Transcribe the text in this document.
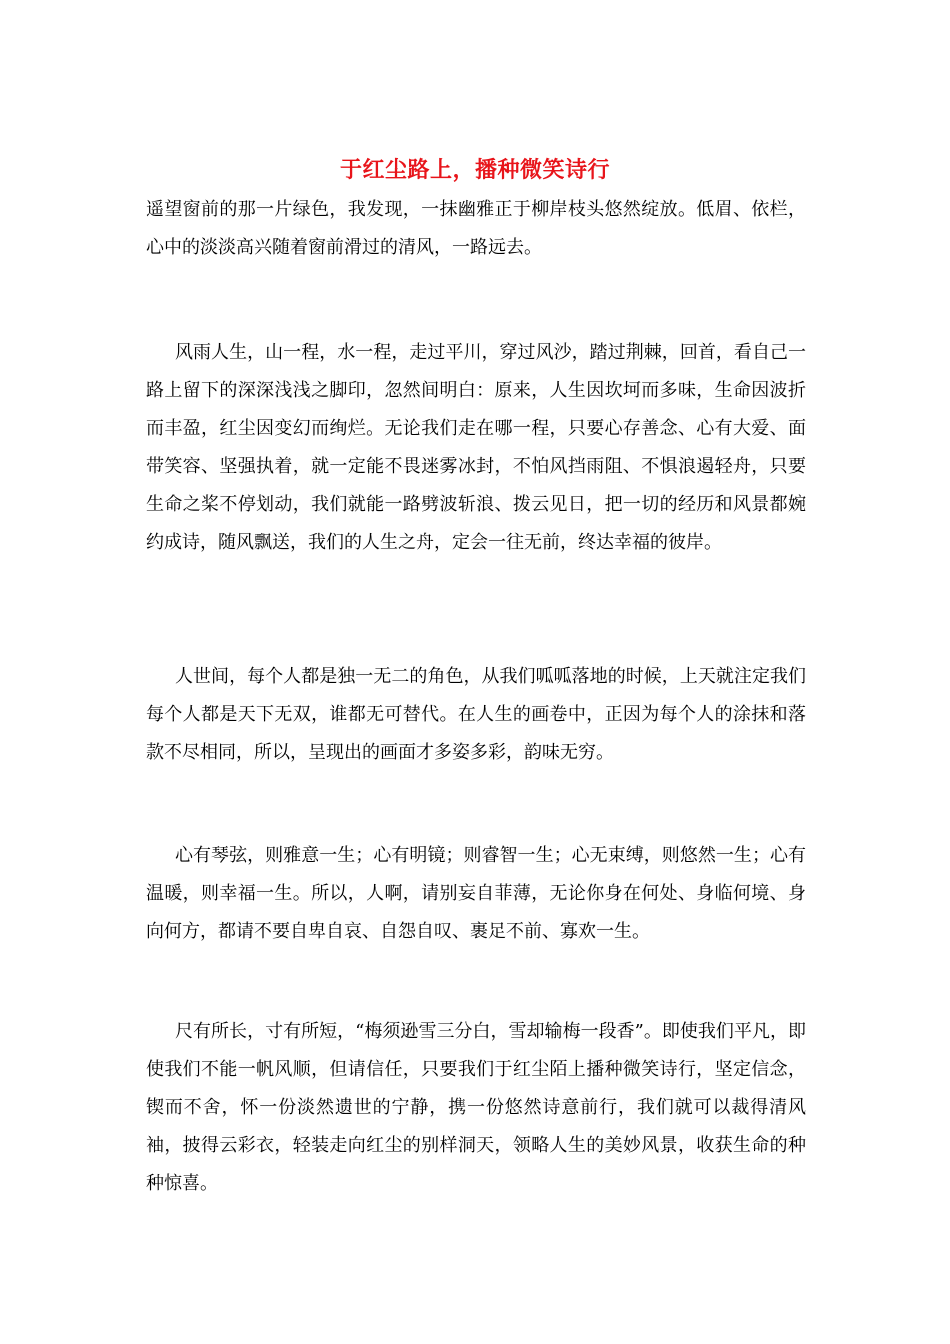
于红尘路上，播种微笑诗行

遥望窗前的那一片绿色，我发现，一抹幽雅正于柳岸枝头悠然绽放。低眉、依栏，心中的淡淡高兴随着窗前滑过的清风，一路远去。

风雨人生，山一程，水一程，走过平川，穿过风沙，踏过荆棘，回首，看自己一路上留下的深深浅浅之脚印，忽然间明白：原来，人生因坎坷而多味，生命因波折而丰盈，红尘因变幻而绚烂。无论我们走在哪一程，只要心存善念、心有大爱、面带笑容、坚强执着，就一定能不畏迷雾冰封，不怕风挡雨阻、不惧浪遏轻舟，只要生命之桨不停划动，我们就能一路劈波斩浪、拨云见日，把一切的经历和风景都婉约成诗，随风飘送，我们的人生之舟，定会一往无前，终达幸福的彼岸。

人世间，每个人都是独一无二的角色，从我们呱呱落地的时候，上天就注定我们每个人都是天下无双，谁都无可替代。在人生的画卷中，正因为每个人的涂抹和落款不尽相同，所以，呈现出的画面才多姿多彩，韵味无穷。

心有琴弦，则雅意一生；心有明镜；则睿智一生；心无束缚，则悠然一生；心有温暖，则幸福一生。所以，人啊，请别妄自菲薄，无论你身在何处、身临何境、身向何方，都请不要自卑自哀、自怨自叹、裹足不前、寡欢一生。

尺有所长，寸有所短，“梅须逊雪三分白，雪却输梅一段香”。即使我们平凡，即使我们不能一帆风顺，但请信任，只要我们于红尘陌上播种微笑诗行，坚定信念，锲而不舍，怀一份淡然遗世的宁静，携一份悠然诗意前行，我们就可以裁得清风袖，披得云彩衣，轻装走向红尘的别样洞天，领略人生的美妙风景，收获生命的种种惊喜。
